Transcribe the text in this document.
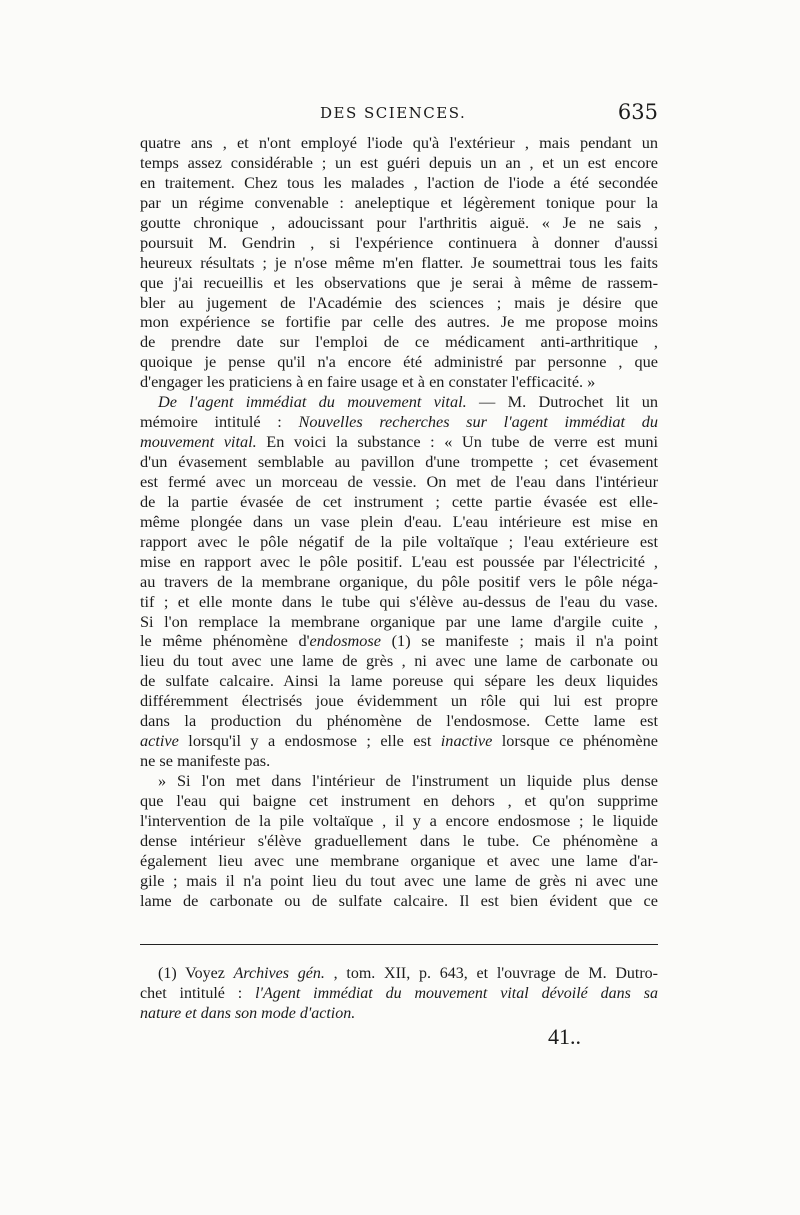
DES SCIENCES.	635
quatre ans , et n'ont employé l'iode qu'à l'extérieur , mais pendant un
temps assez considérable ; un est guéri depuis un an , et un est encore
en traitement. Chez tous les malades , l'action de l'iode a été secondée
par un régime convenable : aneleptique et légèrement tonique pour la
goutte chronique , adoucissant pour l'arthritis aiguë. « Je ne sais ,
poursuit M. Gendrin , si l'expérience continuera à donner d'aussi
heureux résultats ; je n'ose même m'en flatter. Je soumettrai tous les faits
que j'ai recueillis et les observations que je serai à même de rassem-
bler au jugement de l'Académie des sciences ; mais je désire que
mon expérience se fortifie par celle des autres. Je me propose moins
de prendre date sur l'emploi de ce médicament anti-arthritique ,
quoique je pense qu'il n'a encore été administré par personne , que
d'engager les praticiens à en faire usage et à en constater l'efficacité. »
De l'agent immédiat du mouvement vital. — M. Dutrochet lit un
mémoire intitulé : Nouvelles recherches sur l'agent immédiat du
mouvement vital. En voici la substance : « Un tube de verre est muni
d'un évasement semblable au pavillon d'une trompette ; cet évasement
est fermé avec un morceau de vessie. On met de l'eau dans l'intérieur
de la partie évasée de cet instrument ; cette partie évasée est elle-
même plongée dans un vase plein d'eau. L'eau intérieure est mise en
rapport avec le pôle négatif de la pile voltaïque ; l'eau extérieure est
mise en rapport avec le pôle positif. L'eau est poussée par l'électricité ,
au travers de la membrane organique, du pôle positif vers le pôle néga-
tif ; et elle monte dans le tube qui s'élève au-dessus de l'eau du vase.
Si l'on remplace la membrane organique par une lame d'argile cuite ,
le même phénomène d'endosmose (1) se manifeste ; mais il n'a point
lieu du tout avec une lame de grès , ni avec une lame de carbonate ou
de sulfate calcaire. Ainsi la lame poreuse qui sépare les deux liquides
différemment électrisés joue évidemment un rôle qui lui est propre
dans la production du phénomène de l'endosmose. Cette lame est
active lorsqu'il y a endosmose ; elle est inactive lorsque ce phénomène
ne se manifeste pas.
» Si l'on met dans l'intérieur de l'instrument un liquide plus dense
que l'eau qui baigne cet instrument en dehors , et qu'on supprime
l'intervention de la pile voltaïque , il y a encore endosmose ; le liquide
dense intérieur s'élève graduellement dans le tube. Ce phénomène a
également lieu avec une membrane organique et avec une lame d'ar-
gile ; mais il n'a point lieu du tout avec une lame de grès ni avec une
lame de carbonate ou de sulfate calcaire. Il est bien évident que ce
(1) Voyez Archives gén. , tom. XII, p. 643, et l'ouvrage de M. Dutro-
chet intitulé : l'Agent immédiat du mouvement vital dévoilé dans sa
nature et dans son mode d'action.
41..
